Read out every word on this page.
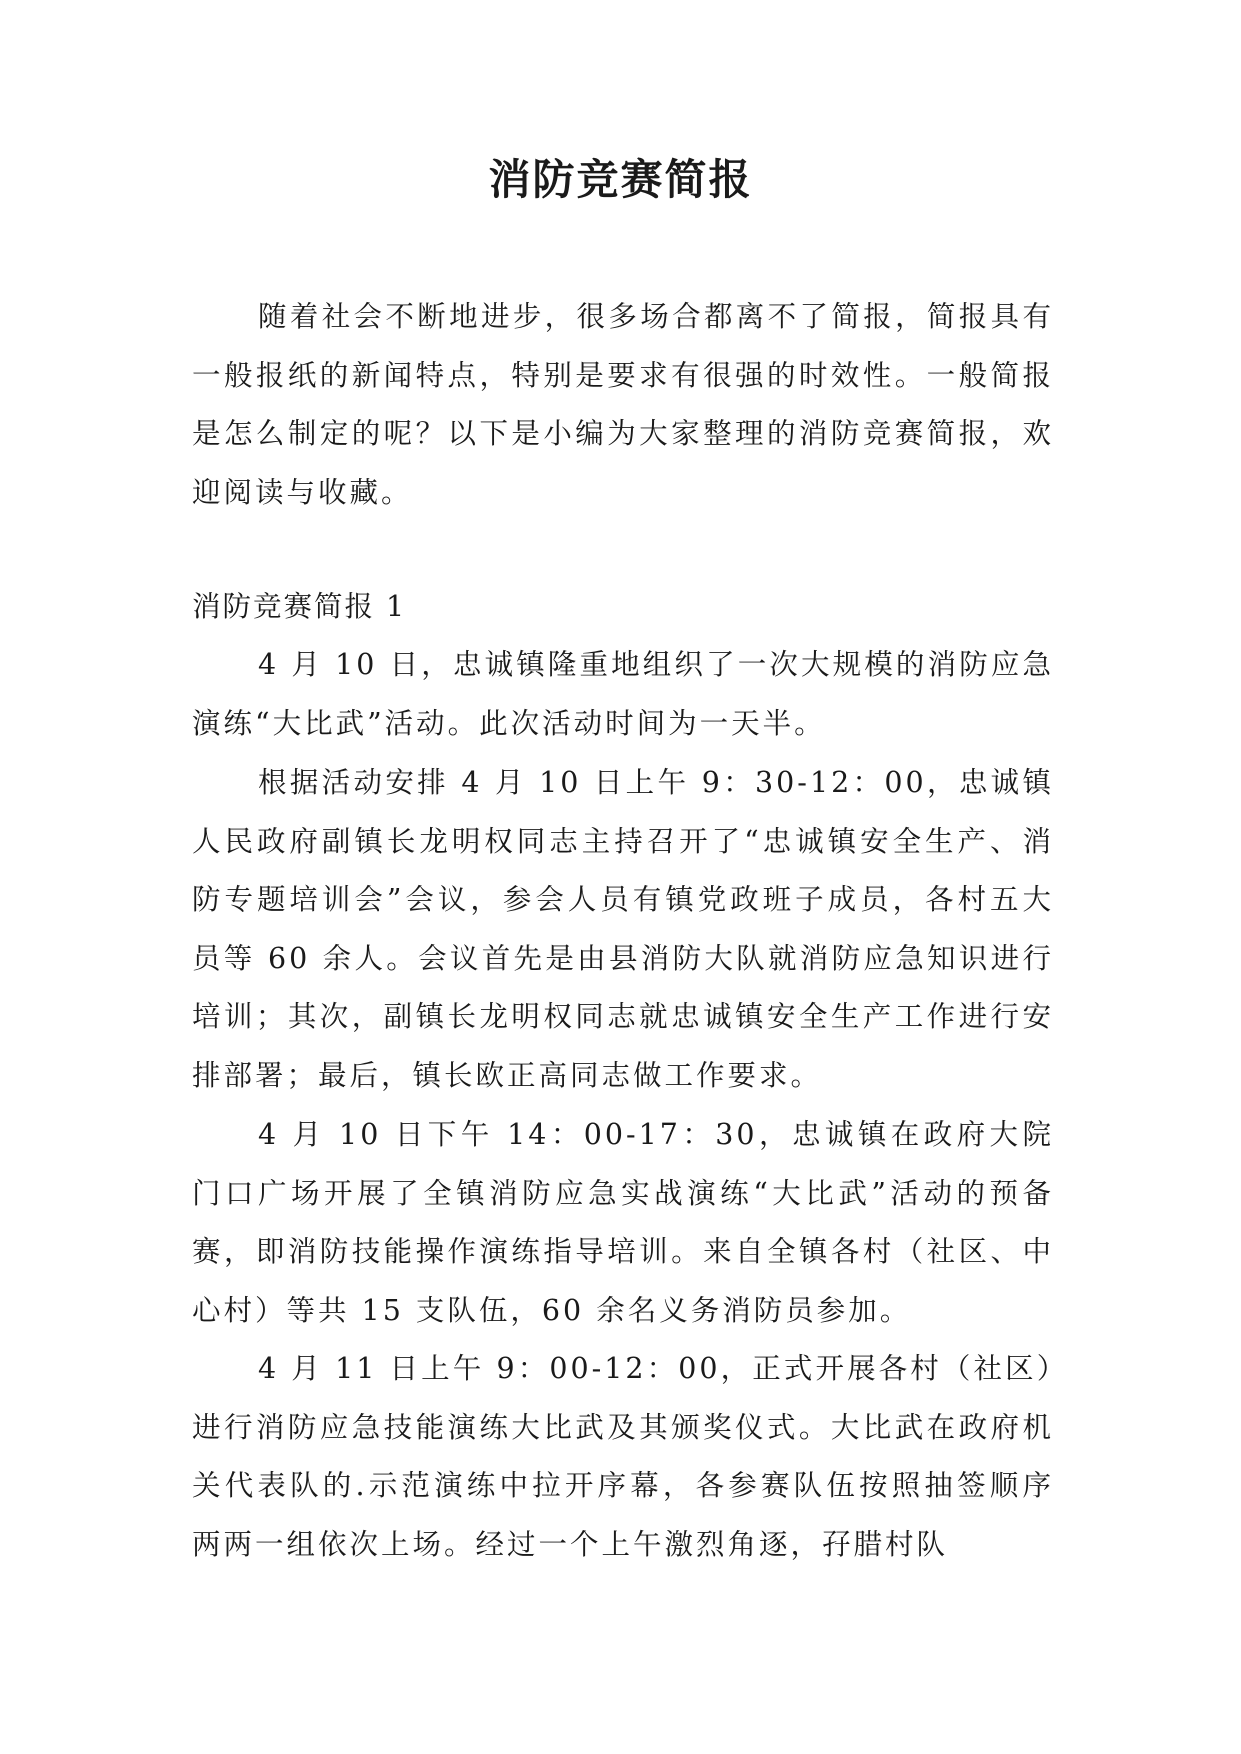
消防竞赛简报

随着社会不断地进步，很多场合都离不了简报，简报具有一般报纸的新闻特点，特别是要求有很强的时效性。一般简报是怎么制定的呢？以下是小编为大家整理的消防竞赛简报，欢迎阅读与收藏。

消防竞赛简报 1

4 月 10 日，忠诚镇隆重地组织了一次大规模的消防应急演练“大比武”活动。此次活动时间为一天半。

根据活动安排 4 月 10 日上午 9：30-12：00，忠诚镇人民政府副镇长龙明权同志主持召开了“忠诚镇安全生产、消防专题培训会”会议，参会人员有镇党政班子成员，各村五大员等 60 余人。会议首先是由县消防大队就消防应急知识进行培训；其次，副镇长龙明权同志就忠诚镇安全生产工作进行安排部署；最后，镇长欧正高同志做工作要求。

4 月 10 日下午 14：00-17：30，忠诚镇在政府大院门口广场开展了全镇消防应急实战演练“大比武”活动的预备赛，即消防技能操作演练指导培训。来自全镇各村（社区、中心村）等共 15 支队伍，60 余名义务消防员参加。

4 月 11 日上午 9：00-12：00，正式开展各村（社区）进行消防应急技能演练大比武及其颁奖仪式。大比武在政府机关代表队的.示范演练中拉开序幕，各参赛队伍按照抽签顺序两两一组依次上场。经过一个上午激烈角逐，孖腊村队
